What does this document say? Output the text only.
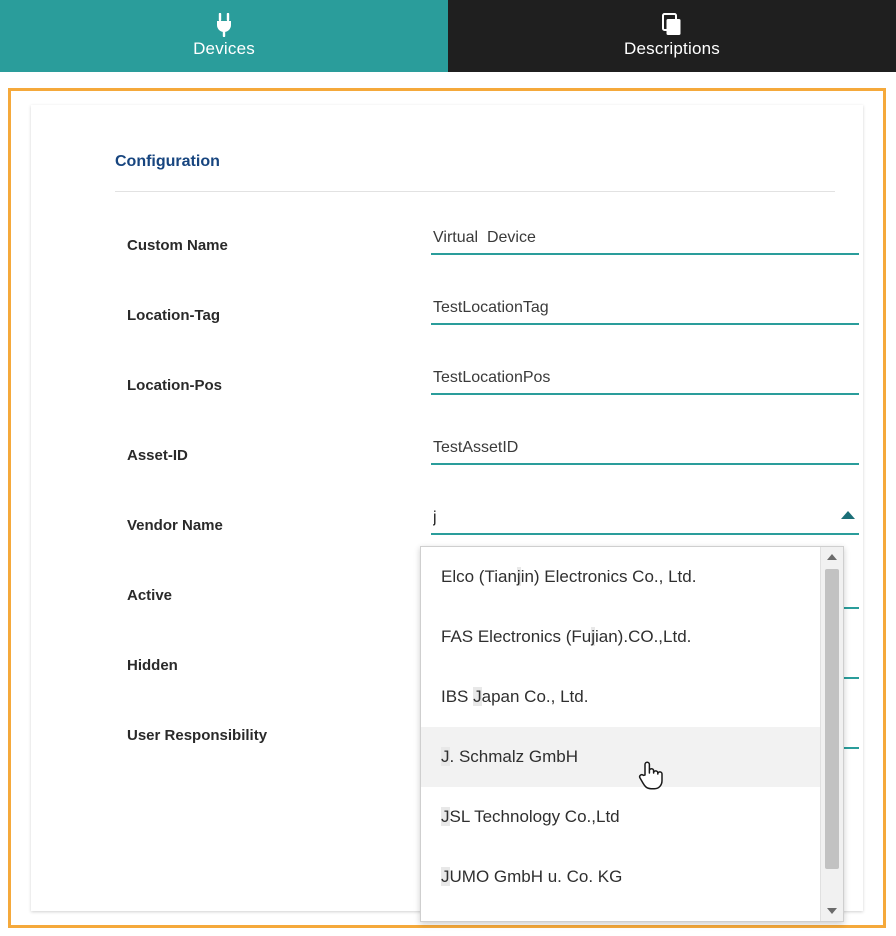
Devices	Descriptions
Configuration
Custom Name
Virtual Device
Location-Tag
TestLocationTag
Location-Pos
TestLocationPos
Asset-ID
TestAssetID
Vendor Name
j
Active
Hidden
User Responsibility
Elco (Tianjin) Electronics Co., Ltd.
FAS Electronics (Fujian).CO.,Ltd.
IBS Japan Co., Ltd.
J. Schmalz GmbH
JSL Technology Co.,Ltd
JUMO GmbH u. Co. KG
